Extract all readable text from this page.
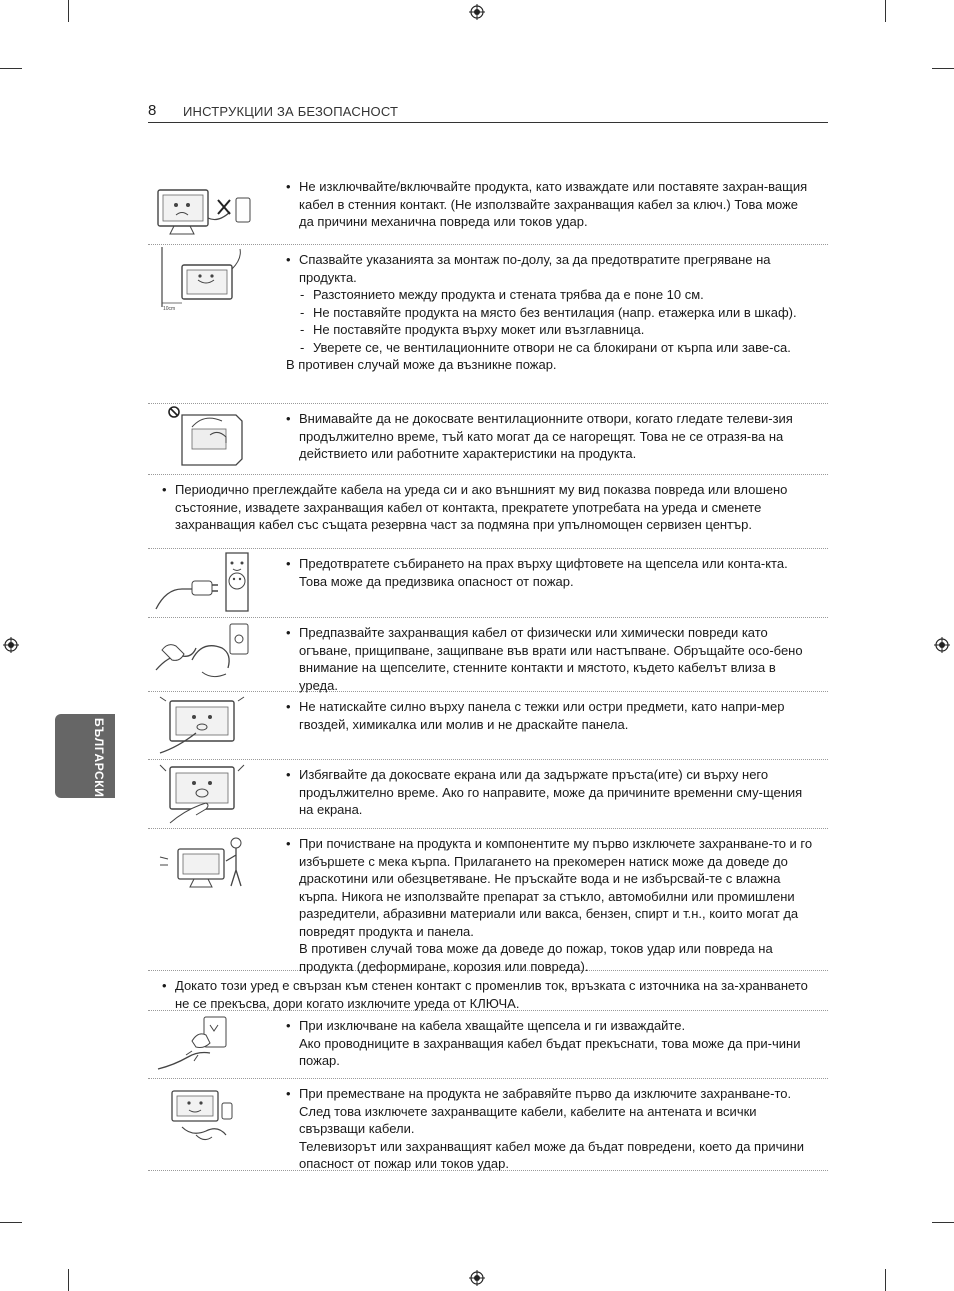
8 ИНСТРУКЦИИ ЗА БЕЗОПАСНОСТ
БЪЛГАРСКИ
• Не изключвайте/включвайте продукта, като изваждате или поставяте захран-ващия кабел в стенния контакт. (Не използвайте захранващия кабел за ключ.) Това може да причини механична повреда или токов удар.
10cm
• Спазвайте указанията за монтаж по-долу, за да предотвратите прегряване на продукта.
- Разстоянието между продукта и стената трябва да е поне 10 см.
- Не поставяйте продукта на място без вентилация (напр. етажерка или в шкаф).
- Не поставяйте продукта върху мокет или възглавница.
- Уверете се, че вентилационните отвори не са блокирани от кърпа или заве-са.
В противен случай може да възникне пожар.
• Внимавайте да не докосвате вентилационните отвори, когато гледате телеви-зия продължително време, тъй като могат да се нагорещят. Това не се отразя-ва на действието или работните характеристики на продукта.
• Периодично преглеждайте кабела на уреда си и ако външният му вид показва повреда или влошено състояние, извадете захранващия кабел от контакта, прекратете употребата на уреда и сменете захранващия кабел със същата резервна част за подмяна при упълномощен сервизен център.
• Предотвратете събирането на прах върху щифтовете на щепсела или конта-кта.
Това може да предизвика опасност от пожар.
• Предпазвайте захранващия кабел от физически или химически повреди като огъване, прищипване, защипване във врати или настъпване. Обръщайте осо-бено внимание на щепселите, стенните контакти и мястото, където кабелът влиза в уреда.
• Не натискайте силно върху панела с тежки или остри предмети, като напри-мер гвоздей, химикалка или молив и не драскайте панела.
• Избягвайте да докосвате екрана или да задържате пръста(ите) си върху него продължително време. Ако го направите, може да причините временни сму-щения на екрана.
• При почистване на продукта и компонентите му първо изключете захранване-то и го избършете с мека кърпа. Прилагането на прекомерен натиск може да доведе до драскотини или обезцветяване. Не пръскайте вода и не избърсвай-те с влажна кърпа. Никога не използвайте препарат за стъкло, автомобилни или промишлени разредители, абразивни материали или вакса, бензен, спирт и т.н., които могат да повредят продукта и панела.
В противен случай това може да доведе до пожар, токов удар или повреда на продукта (деформиране, корозия или повреда).
• Докато този уред е свързан към стенен контакт с променлив ток, връзката с източника на за-хранването не се прекъсва, дори когато изключите уреда от КЛЮЧА.
• При изключване на кабела хващайте щепсела и ги изваждайте.
Ако проводниците в захранващия кабел бъдат прекъснати, това може да при-чини пожар.
• При преместване на продукта не забравяйте първо да изключите захранване-то. След това изключете захранващите кабели, кабелите на антената и всички свързващи кабели.
Телевизорът или захранващият кабел може да бъдат повредени, което да причини опасност от пожар или токов удар.
